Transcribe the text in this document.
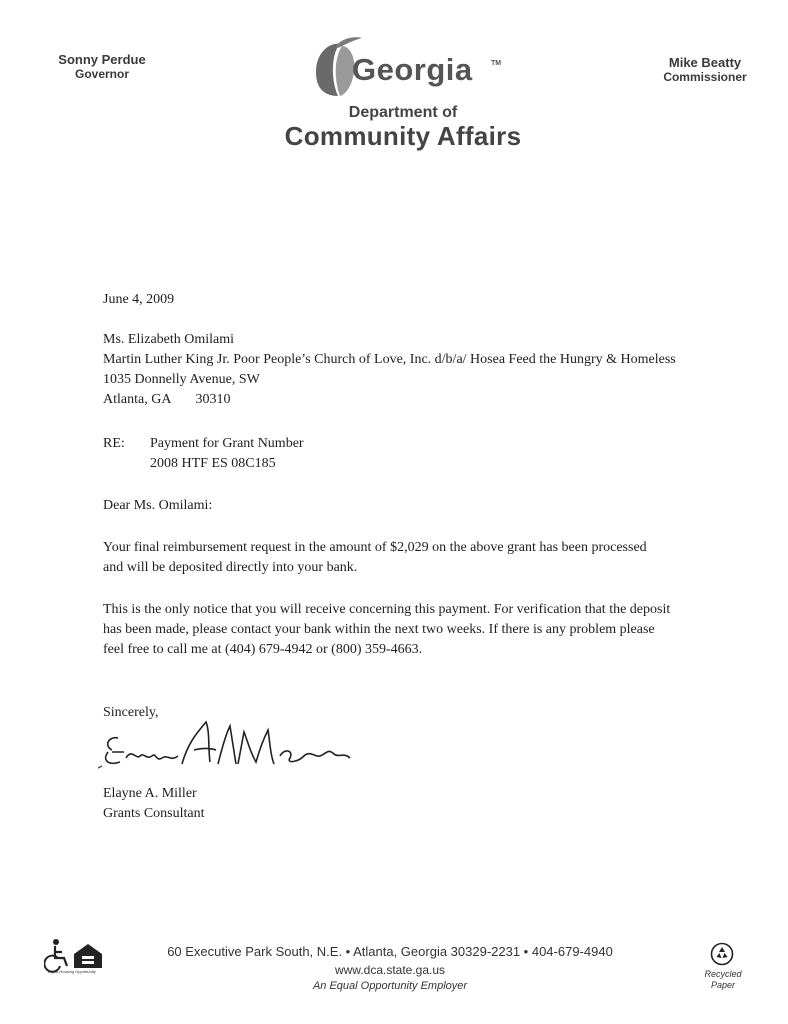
Sonny Perdue
Governor
Mike Beatty
Commissioner
Georgia	TM
Department of
Community Affairs
June 4, 2009
Ms. Elizabeth Omilami
Martin Luther King Jr. Poor People’s Church of Love, Inc. d/b/a/ Hosea Feed the Hungry & Homeless
1035 Donnelly Avenue, SW
Atlanta, GA 30310
RE: Payment for Grant Number
2008 HTF ES 08C185
Dear Ms. Omilami:
Your final reimbursement request in the amount of $2,029 on the above grant has been processed and will be deposited directly into your bank.
This is the only notice that you will receive concerning this payment. For verification that the deposit has been made, please contact your bank within the next two weeks. If there is any problem please feel free to call me at (404) 679-4942 or (800) 359-4663.
Sincerely,
Elayne A. Miller
Grants Consultant
Equal Housing Opportunity
60 Executive Park South, N.E. • Atlanta, Georgia 30329-2231 • 404-679-4940
www.dca.state.ga.us
An Equal Opportunity Employer
Recycled
Paper
